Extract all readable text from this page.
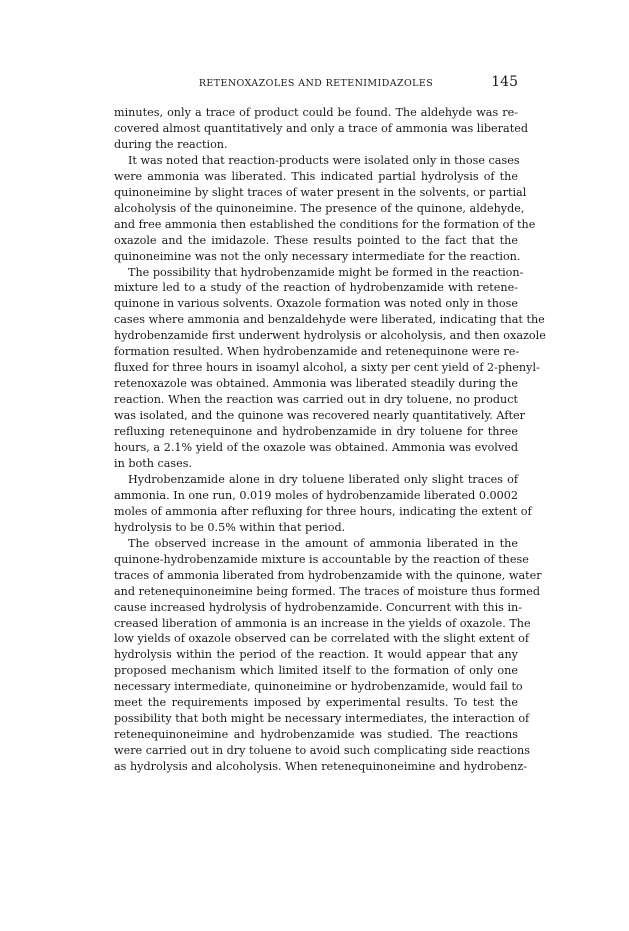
RETENOXAZOLES AND RETENIMIDAZOLES	145
minutes, only a trace of product could be found. The aldehyde was re-
covered almost quantitatively and only a trace of ammonia was liberated
during the reaction.
It was noted that reaction-products were isolated only in those cases
were ammonia was liberated. This indicated partial hydrolysis of the
quinoneimine by slight traces of water present in the solvents, or partial
alcoholysis of the quinoneimine. The presence of the quinone, aldehyde,
and free ammonia then established the conditions for the formation of the
oxazole and the imidazole. These results pointed to the fact that the
quinoneimine was not the only necessary intermediate for the reaction.
The possibility that hydrobenzamide might be formed in the reaction-
mixture led to a study of the reaction of hydrobenzamide with retene-
quinone in various solvents. Oxazole formation was noted only in those
cases where ammonia and benzaldehyde were liberated, indicating that the
hydrobenzamide first underwent hydrolysis or alcoholysis, and then oxazole
formation resulted. When hydrobenzamide and retenequinone were re-
fluxed for three hours in isoamyl alcohol, a sixty per cent yield of 2-phenyl-
retenoxazole was obtained. Ammonia was liberated steadily during the
reaction. When the reaction was carried out in dry toluene, no product
was isolated, and the quinone was recovered nearly quantitatively. After
refluxing retenequinone and hydrobenzamide in dry toluene for three
hours, a 2.1% yield of the oxazole was obtained. Ammonia was evolved
in both cases.
Hydrobenzamide alone in dry toluene liberated only slight traces of
ammonia. In one run, 0.019 moles of hydrobenzamide liberated 0.0002
moles of ammonia after refluxing for three hours, indicating the extent of
hydrolysis to be 0.5% within that period.
The observed increase in the amount of ammonia liberated in the
quinone-hydrobenzamide mixture is accountable by the reaction of these
traces of ammonia liberated from hydrobenzamide with the quinone, water
and retenequinoneimine being formed. The traces of moisture thus formed
cause increased hydrolysis of hydrobenzamide. Concurrent with this in-
creased liberation of ammonia is an increase in the yields of oxazole. The
low yields of oxazole observed can be correlated with the slight extent of
hydrolysis within the period of the reaction. It would appear that any
proposed mechanism which limited itself to the formation of only one
necessary intermediate, quinoneimine or hydrobenzamide, would fail to
meet the requirements imposed by experimental results. To test the
possibility that both might be necessary intermediates, the interaction of
retenequinoneimine and hydrobenzamide was studied. The reactions
were carried out in dry toluene to avoid such complicating side reactions
as hydrolysis and alcoholysis. When retenequinoneimine and hydrobenz-
